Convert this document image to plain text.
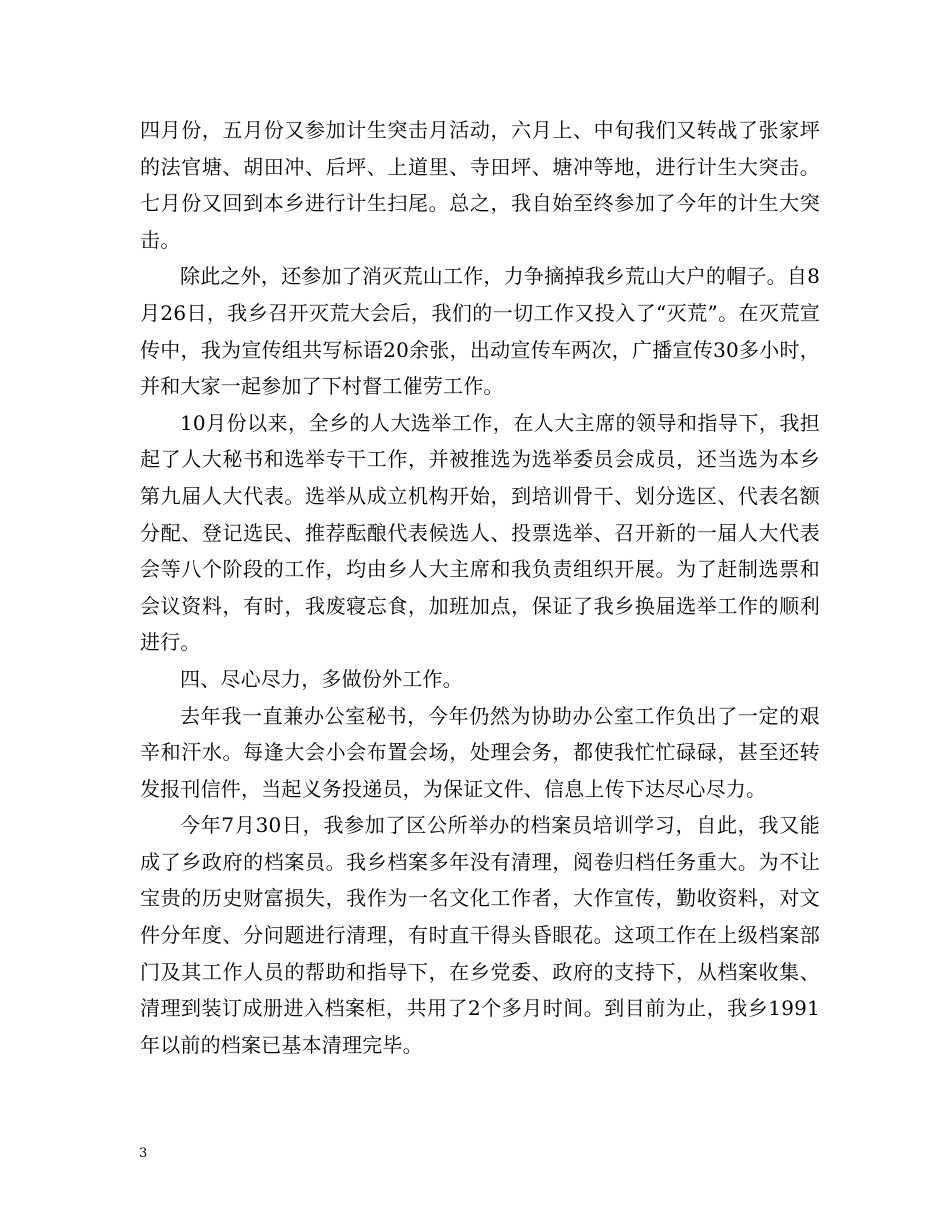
四月份，五月份又参加计生突击月活动，六月上、中旬我们又转战了张家坪的法官塘、胡田冲、后坪、上道里、寺田坪、塘冲等地，进行计生大突击。七月份又回到本乡进行计生扫尾。总之，我自始至终参加了今年的计生大突击。

除此之外，还参加了消灭荒山工作，力争摘掉我乡荒山大户的帽子。自8月26日，我乡召开灭荒大会后，我们的一切工作又投入了“灭荒”。在灭荒宣传中，我为宣传组共写标语20余张，出动宣传车两次，广播宣传30多小时，并和大家一起参加了下村督工催劳工作。

10月份以来，全乡的人大选举工作，在人大主席的领导和指导下，我担起了人大秘书和选举专干工作，并被推选为选举委员会成员，还当选为本乡第九届人大代表。选举从成立机构开始，到培训骨干、划分选区、代表名额分配、登记选民、推荐酝酿代表候选人、投票选举、召开新的一届人大代表会等八个阶段的工作，均由乡人大主席和我负责组织开展。为了赶制选票和会议资料，有时，我废寝忘食，加班加点，保证了我乡换届选举工作的顺利进行。

四、尽心尽力，多做份外工作。

去年我一直兼办公室秘书，今年仍然为协助办公室工作负出了一定的艰辛和汗水。每逢大会小会布置会场，处理会务，都使我忙忙碌碌，甚至还转发报刊信件，当起义务投递员，为保证文件、信息上传下达尽心尽力。

今年7月30日，我参加了区公所举办的档案员培训学习，自此，我又能成了乡政府的档案员。我乡档案多年没有清理，阅卷归档任务重大。为不让宝贵的历史财富损失，我作为一名文化工作者，大作宣传，勤收资料，对文件分年度、分问题进行清理，有时直干得头昏眼花。这项工作在上级档案部门及其工作人员的帮助和指导下，在乡党委、政府的支持下，从档案收集、清理到装订成册进入档案柜，共用了2个多月时间。到目前为止，我乡1991年以前的档案已基本清理完毕。

3
